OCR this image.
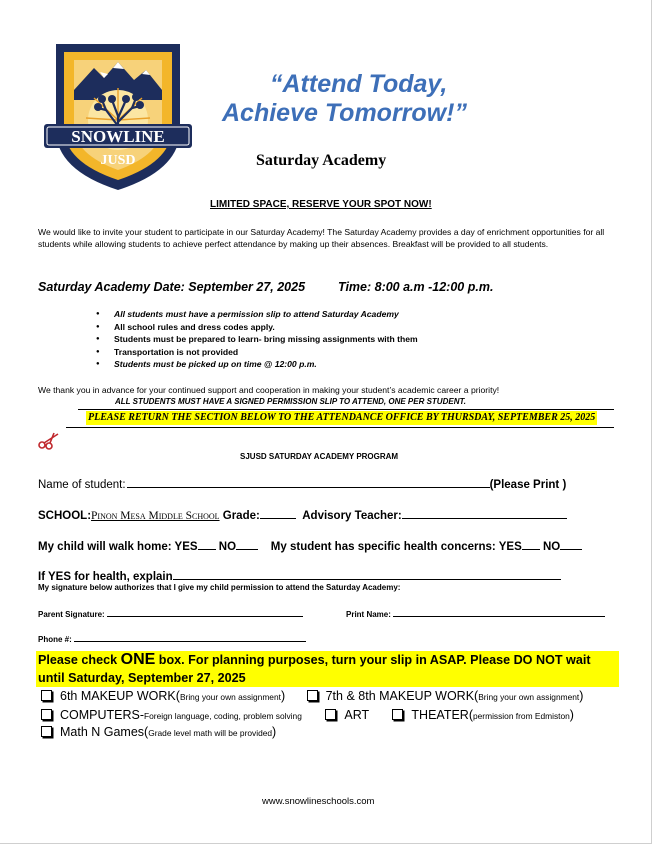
SNOWLINE
JUSD
“Attend Today,
Achieve Tomorrow!”
Saturday Academy
LIMITED SPACE, RESERVE YOUR SPOT NOW!
We would like to invite your student to participate in our Saturday Academy! The Saturday Academy provides a day of enrichment opportunities for all students while allowing students to achieve perfect attendance by making up their absences. Breakfast will be provided to all students.
Saturday Academy Date: September 27, 2025	Time: 8:00 a.m -12:00 p.m.
● All students must have a permission slip to attend Saturday Academy
● All school rules and dress codes apply.
● Students must be prepared to learn- bring missing assignments with them
● Transportation is not provided
● Students must be picked up on time @ 12:00 p.m.
We thank you in advance for your continued support and cooperation in making your student’s academic career a priority!
ALL STUDENTS MUST HAVE A SIGNED PERMISSION SLIP TO ATTEND, ONE PER STUDENT.
PLEASE RETURN THE SECTION BELOW TO THE ATTENDANCE OFFICE BY THURSDAY, SEPTEMBER 25, 2025
SJUSD SATURDAY ACADEMY PROGRAM
Name of student:	(Please Print )
SCHOOL:Pinon Mesa Middle School Grade:	Advisory Teacher:
My child will walk home: YES NO	My student has specific health concerns: YES NO
If YES for health, explain
My signature below authorizes that I give my child permission to attend the Saturday Academy:
Parent Signature:	Print Name:
Phone #:
Please check ONE box. For planning purposes, turn your slip in ASAP. Please DO NOT wait until Saturday, September 27, 2025
6th MAKEUP WORK(Bring your own assignment)	7th & 8th MAKEUP WORK(Bring your own assignment)
COMPUTERS-Foreign language, coding, problem solving	ART	THEATER(permission from Edmiston)
Math N Games(Grade level math will be provided)
www.snowlineschools.com
